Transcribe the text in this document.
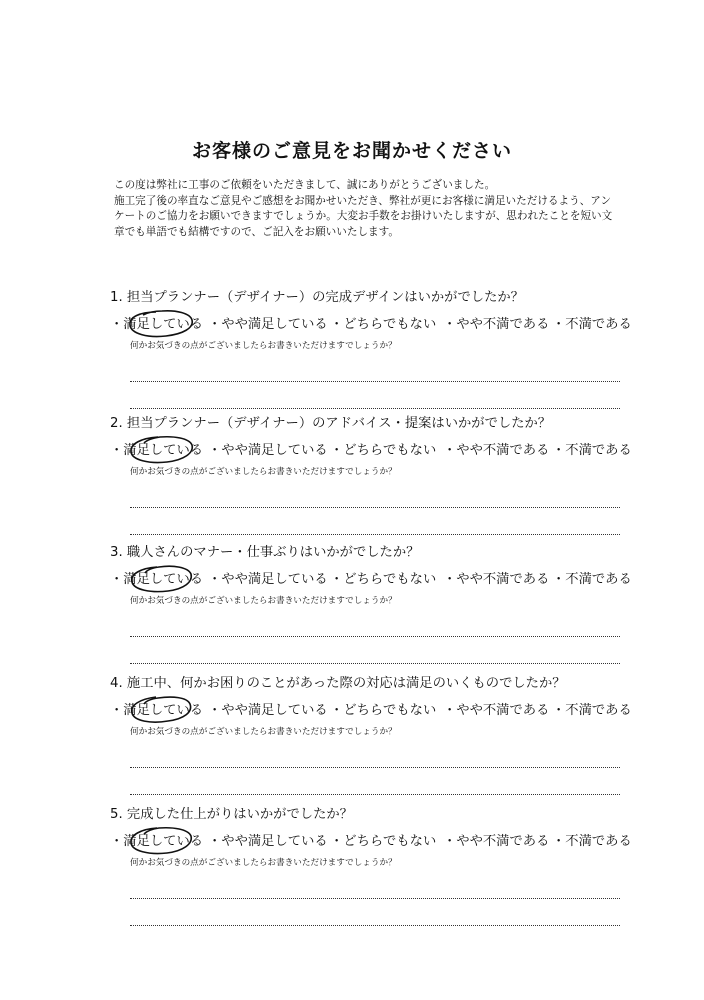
お客様のご意見をお聞かせください
この度は弊社に工事のご依頼をいただきまして、誠にありがとうございました。
施工完了後の率直なご意見やご感想をお聞かせいただき、弊社が更にお客様に満足いただけるよう、アン
ケートのご協力をお願いできますでしょうか。大変お手数をお掛けいたしますが、思われたことを短い文
章でも単語でも結構ですので、ご記入をお願いいたします。
1. 担当プランナー（デザイナー）の完成デザインはいかがでしたか？
・満足している ・やや満足している ・どちらでもない ・やや不満である ・不満である
何かお気づきの点がございましたらお書きいただけますでしょうか？
2. 担当プランナー（デザイナー）のアドバイス・提案はいかがでしたか？
・満足している ・やや満足している ・どちらでもない ・やや不満である ・不満である
何かお気づきの点がございましたらお書きいただけますでしょうか？
3. 職人さんのマナー・仕事ぶりはいかがでしたか？
・満足している ・やや満足している ・どちらでもない ・やや不満である ・不満である
何かお気づきの点がございましたらお書きいただけますでしょうか？
4. 施工中、何かお困りのことがあった際の対応は満足のいくものでしたか？
・満足している ・やや満足している ・どちらでもない ・やや不満である ・不満である
何かお気づきの点がございましたらお書きいただけますでしょうか？
5. 完成した仕上がりはいかがでしたか？
・満足している ・やや満足している ・どちらでもない ・やや不満である ・不満である
何かお気づきの点がございましたらお書きいただけますでしょうか？
